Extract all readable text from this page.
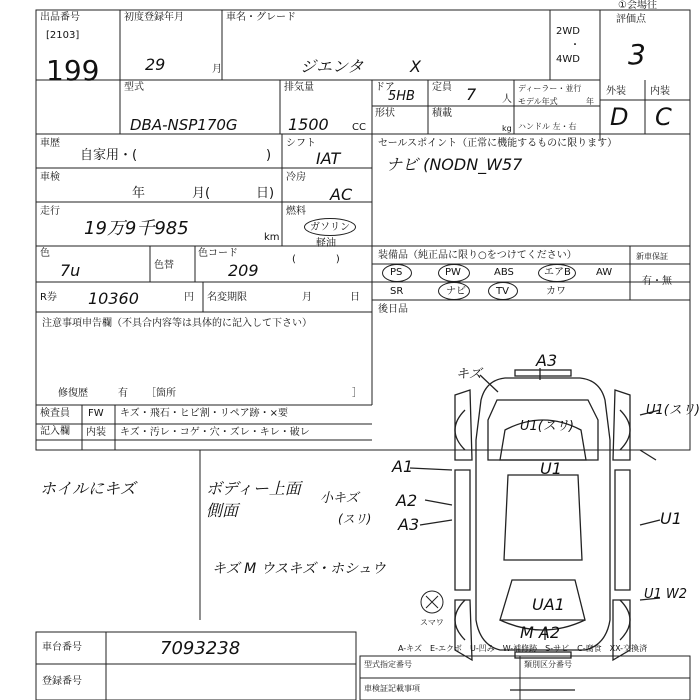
出品番号
[2103]
199
初度登録年月
29	月
車名・グレード
ジエンタ	X
2WD
・
4WD
①会場往
評価点
3
型式
DBA-NSP170G
排気量
1500 CC
ドア
5HB
定員 7	人
ディーラー・並行
モデル年式	年
形状	積載
kg ハンドル 左・右
外装 内装
D C
車歴
自家用・(	)
シフト
IAT
車検
年	月(	日)
冷房
AC
走行
19万9千985	km
燃料
ガソリン
軽油
(　　　　)
色
7u	色替
色コード
209
R券 10360	円 名変期限	月	日
セールスポイント（正常に機能するものに限ります）
ナビ (NODN_W57
装備品（純正品に限り○をつけてください）	新車保証
有・無
PS	PW	ABS	エアB	AW
SR	ナビ	TV	カワ
後日品
注意事項申告欄（不具合内容等は具体的に記入して下さい）
修復歴	有 ［箇所	］
検査員
記入欄
FW キズ・飛石・ヒビ割・リペア跡・×要
内装 キズ・汚レ・コゲ・穴・ズレ・キレ・破レ
ホイルにキズ	ボディー上面
側面
小キズ
(スリ)
キズ M ウスキズ・ホシュウ
A3
キズ
U1(スリ)
A1
A2
A3
U1(スリ)
U1
U1
UA1
U1 W2
スマワ
M A2
A-キズ　E-エクボ　U-凹み　W-補修跡　S-サビ　C-腐食　XX-交換済
車台番号	7093238
登録番号
型式指定番号	類別区分番号
車検証記載事項
